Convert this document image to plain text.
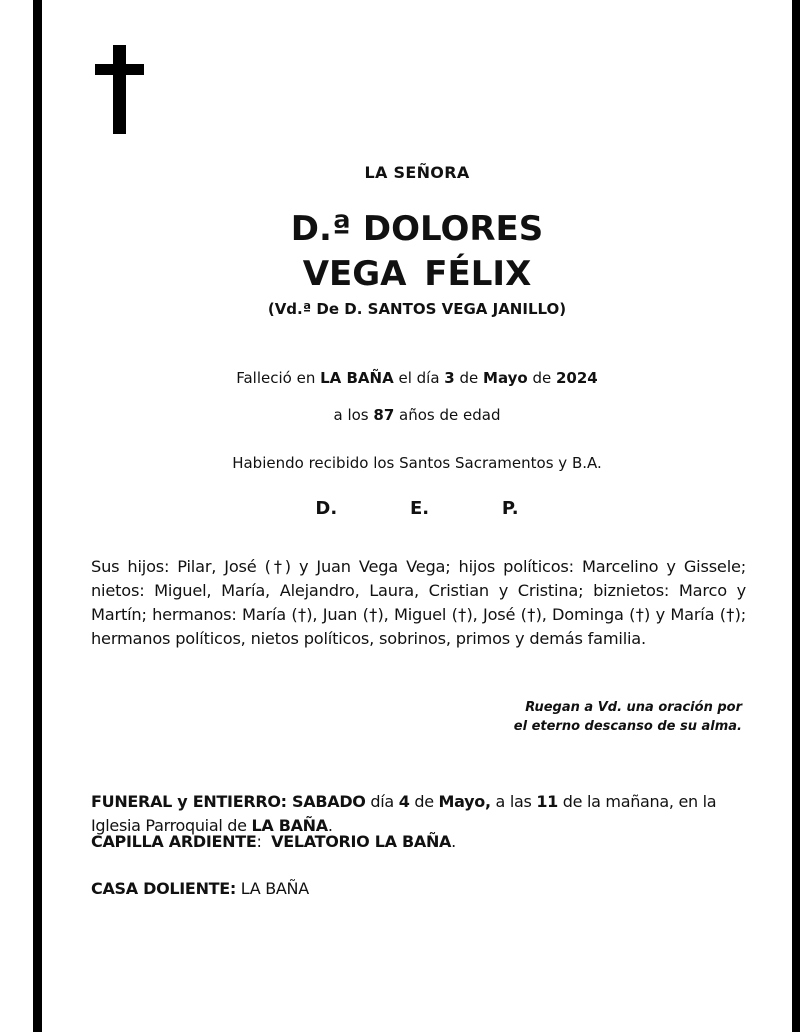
LA SEÑORA
D.ª DOLORES
VEGA FÉLIX
(Vd.ª De D. SANTOS VEGA JANILLO)
Falleció en LA BAÑA el día 3 de Mayo de 2024
a los 87 años de edad
Habiendo recibido los Santos Sacramentos y B.A.
D.   E.   P.
Sus hijos: Pilar, José (†) y Juan Vega Vega; hijos políticos: Marcelino y Gissele; nietos: Miguel, María, Alejandro, Laura, Cristian y Cristina; biznietos: Marco y Martín; hermanos: María (†), Juan (†), Miguel (†), José (†), Dominga (†) y María (†); hermanos políticos, nietos políticos, sobrinos, primos y demás familia.
Ruegan a Vd. una oración por
el eterno descanso de su alma.
FUNERAL y ENTIERRO: SABADO día 4 de Mayo, a las 11 de la mañana, en la Iglesia Parroquial de LA BAÑA.
CAPILLA ARDIENTE:  VELATORIO LA BAÑA.
CASA DOLIENTE: LA BAÑA
